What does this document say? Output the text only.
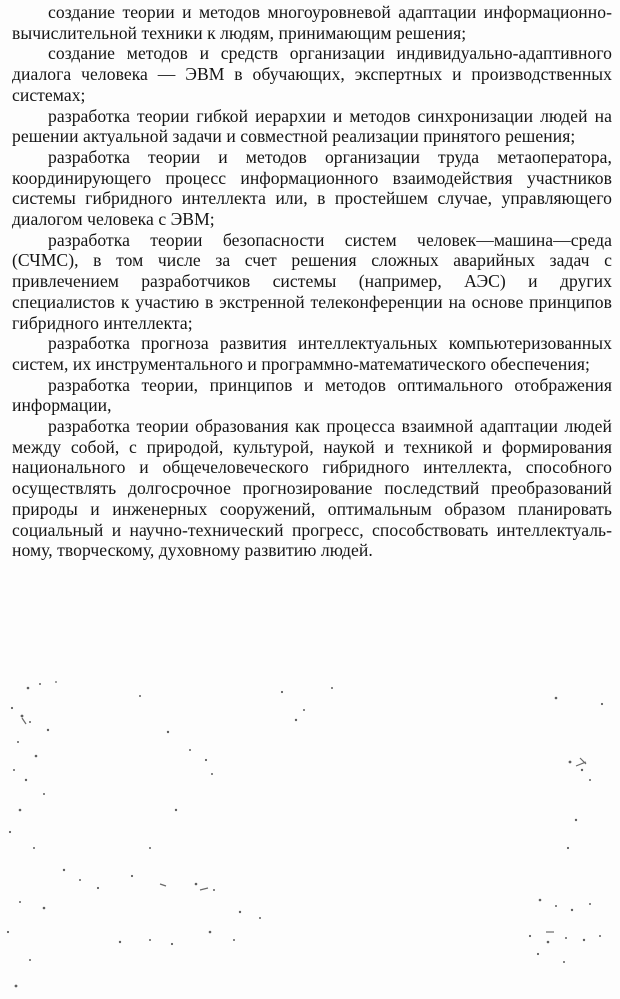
создание теории и методов многоуровневой адаптации информационно-вычислительной техники к людям, принимающим решения;

создание методов и средств организации индивидуально-адаптивного диалога человека — ЭВМ в обучающих, экспертных и производственных системах;

разработка теории гибкой иерархии и методов синхронизации людей на решении актуальной задачи и совместной реализации принятого решения;

разработка теории и методов организации труда метаоператора, координирующего процесс информационного взаимодействия участников системы гибридного интеллекта или, в простейшем случае, управляющего диалогом человека с ЭВМ;

разработка теории безопасности систем человек—машина—среда (СЧМС), в том числе за счет решения сложных аварийных задач с привлечением разработчиков системы (например, АЭС) и других специалистов к участию в экстренной телеконференции на основе принципов гибридного интеллекта;

разработка прогноза развития интеллектуальных компьютеризованных систем, их инструментального и программно-математического обеспечения;

разработка теории, принципов и методов оптимального отображения информации,

разработка теории образования как процесса взаимной адаптации людей между собой, с природой, культурой, наукой и техникой и формирования национального и общечеловеческого гибридного интеллекта, способного осуществлять долгосрочное прогнозирование последствий преобразований природы и инженерных сооружений, оптимальным образом планировать социальный и научно-технический прогресс, способствовать интеллектуальному, творческому, духовному развитию людей.
